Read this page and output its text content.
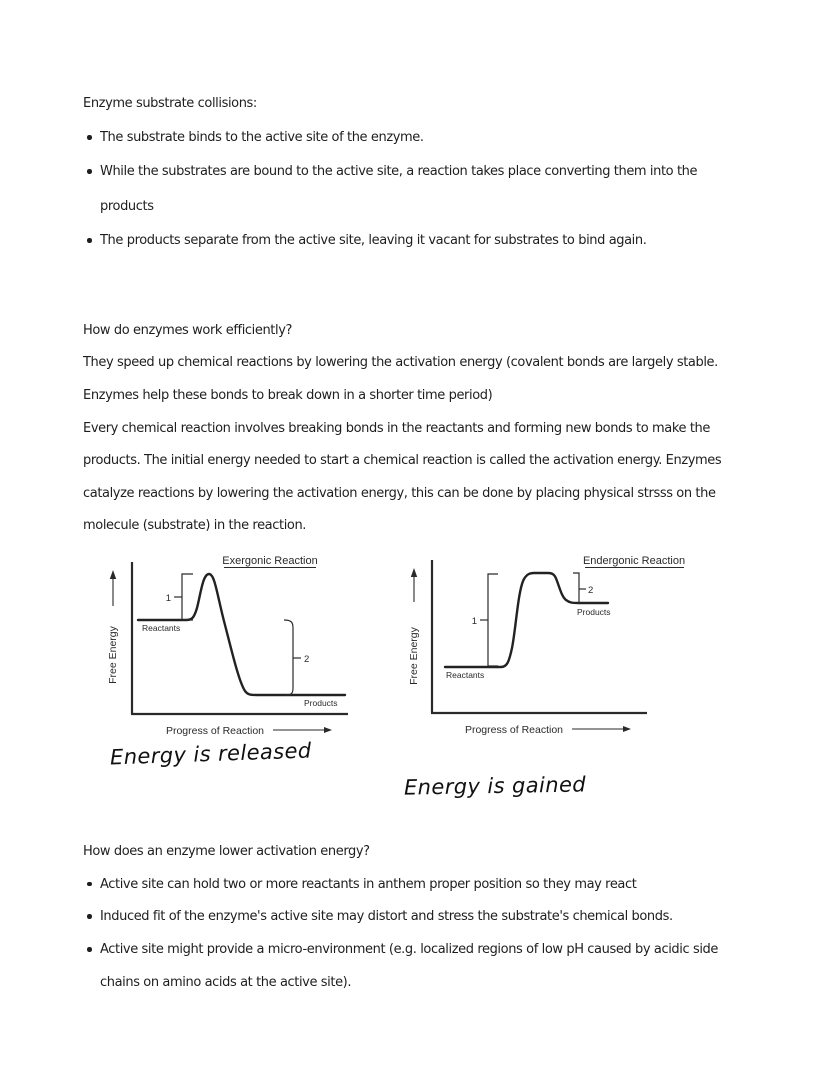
Enzyme substrate collisions:
The substrate binds to the active site of the enzyme.
While the substrates are bound to the active site, a reaction takes place converting them into the
products
The products separate from the active site, leaving it vacant for substrates to bind again.
How do enzymes work efficiently?
They speed up chemical reactions by lowering the activation energy (covalent bonds are largely stable.
Enzymes help these bonds to break down in a shorter time period)
Every chemical reaction involves breaking bonds in the reactants and forming new bonds to make the
products. The initial energy needed to start a chemical reaction is called the activation energy. Enzymes
catalyze reactions by lowering the activation energy, this can be done by placing physical strsss on the
molecule (substrate) in the reaction.
Exergonic Reaction
Free Energy
1
2
Reactants
Products
Progress of Reaction
Endergonic Reaction
Free Energy
1
2
Reactants
Products
Progress of Reaction
Energy is released
Energy is gained
How does an enzyme lower activation energy?
Active site can hold two or more reactants in anthem proper position so they may react
Induced fit of the enzyme's active site may distort and stress the substrate's chemical bonds.
Active site might provide a micro-environment (e.g. localized regions of low pH caused by acidic side
chains on amino acids at the active site).
